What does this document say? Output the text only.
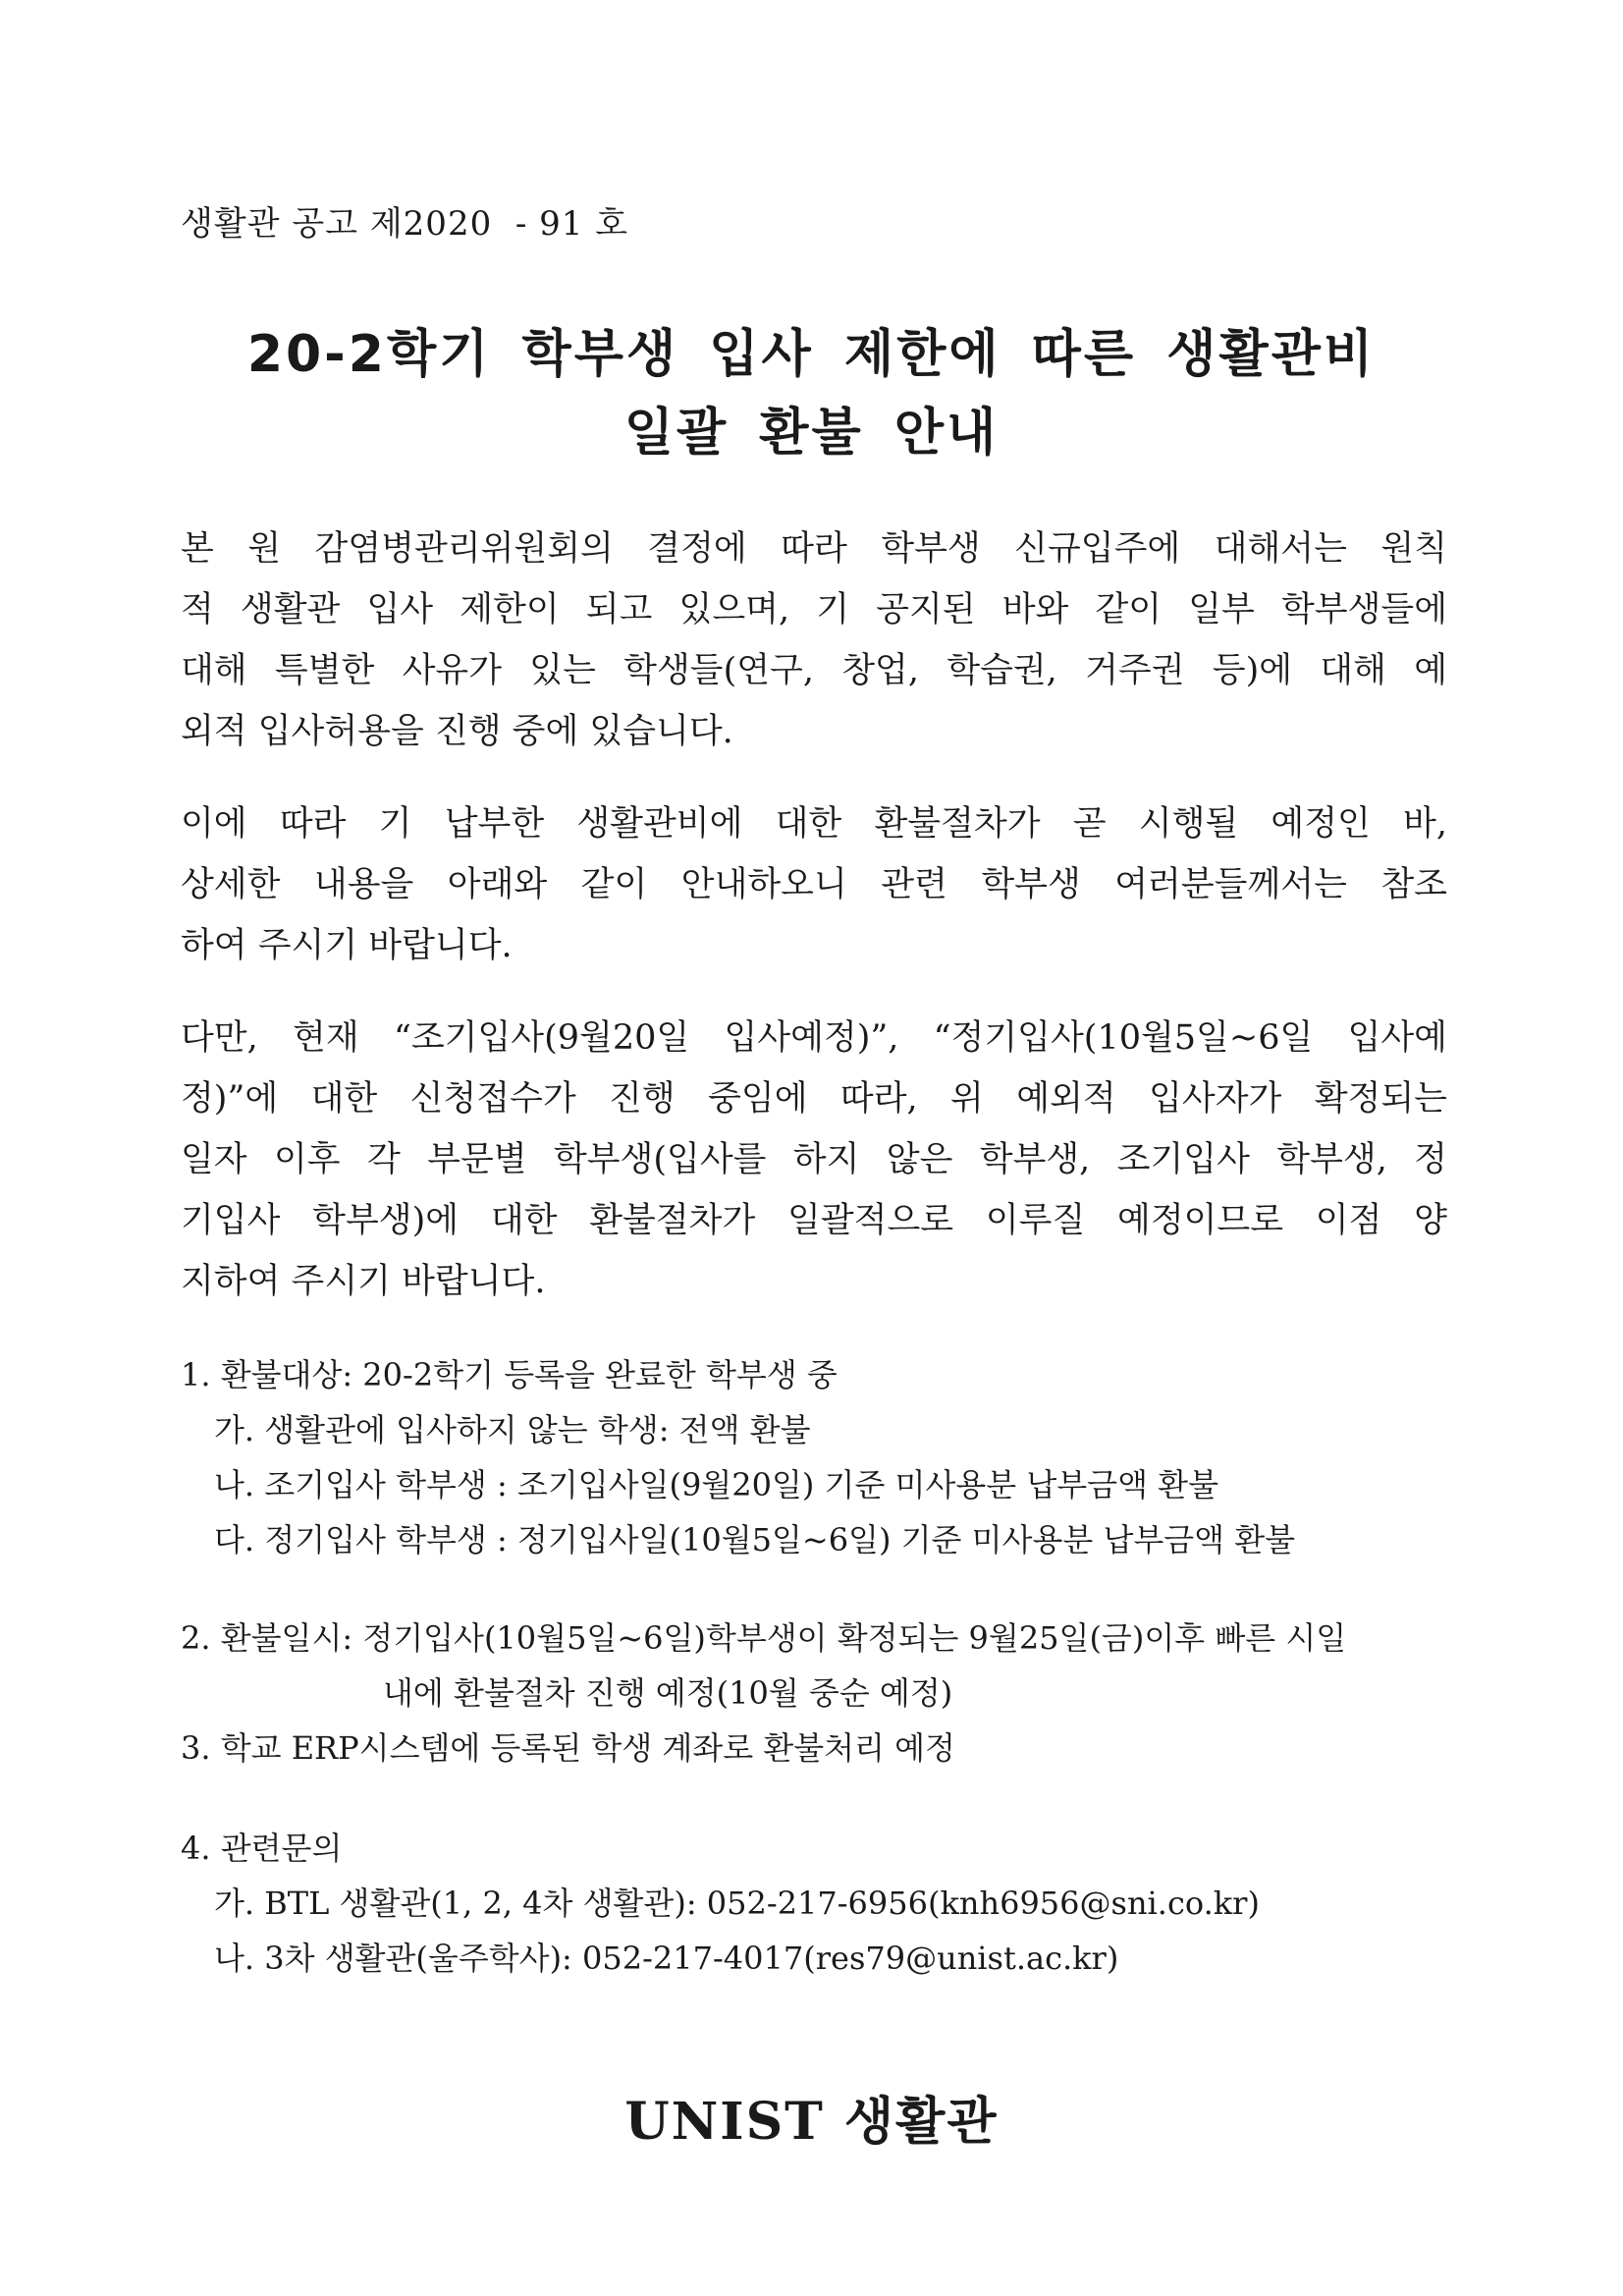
생활관 공고 제2020  - 91 호
20-2학기 학부생 입사 제한에 따른 생활관비
일괄 환불 안내
본 원 감염병관리위원회의 결정에 따라 학부생 신규입주에 대해서는 원칙
적 생활관 입사 제한이 되고 있으며, 기 공지된 바와 같이 일부 학부생들에
대해 특별한 사유가 있는 학생들(연구, 창업, 학습권, 거주권 등)에 대해 예
외적 입사허용을 진행 중에 있습니다.
이에 따라 기 납부한 생활관비에 대한 환불절차가 곧 시행될 예정인 바,
상세한 내용을 아래와 같이 안내하오니 관련 학부생 여러분들께서는 참조
하여 주시기 바랍니다.
다만, 현재 “조기입사(9월20일 입사예정)”, “정기입사(10월5일~6일 입사예
정)”에 대한 신청접수가 진행 중임에 따라, 위 예외적 입사자가 확정되는
일자 이후 각 부문별 학부생(입사를 하지 않은 학부생, 조기입사 학부생, 정
기입사 학부생)에 대한 환불절차가 일괄적으로 이루질 예정이므로 이점 양
지하여 주시기 바랍니다.
1. 환불대상: 20-2학기 등록을 완료한 학부생 중
가. 생활관에 입사하지 않는 학생: 전액 환불
나. 조기입사 학부생 : 조기입사일(9월20일) 기준 미사용분 납부금액 환불
다. 정기입사 학부생 : 정기입사일(10월5일~6일) 기준 미사용분 납부금액 환불
2. 환불일시: 정기입사(10월5일~6일)학부생이 확정되는 9월25일(금)이후 빠른 시일
내에 환불절차 진행 예정(10월 중순 예정)
3. 학교 ERP시스템에 등록된 학생 계좌로 환불처리 예정
4. 관련문의
가. BTL 생활관(1, 2, 4차 생활관): 052-217-6956(knh6956@sni.co.kr)
나. 3차 생활관(울주학사): 052-217-4017(res79@unist.ac.kr)
UNIST 생활관
